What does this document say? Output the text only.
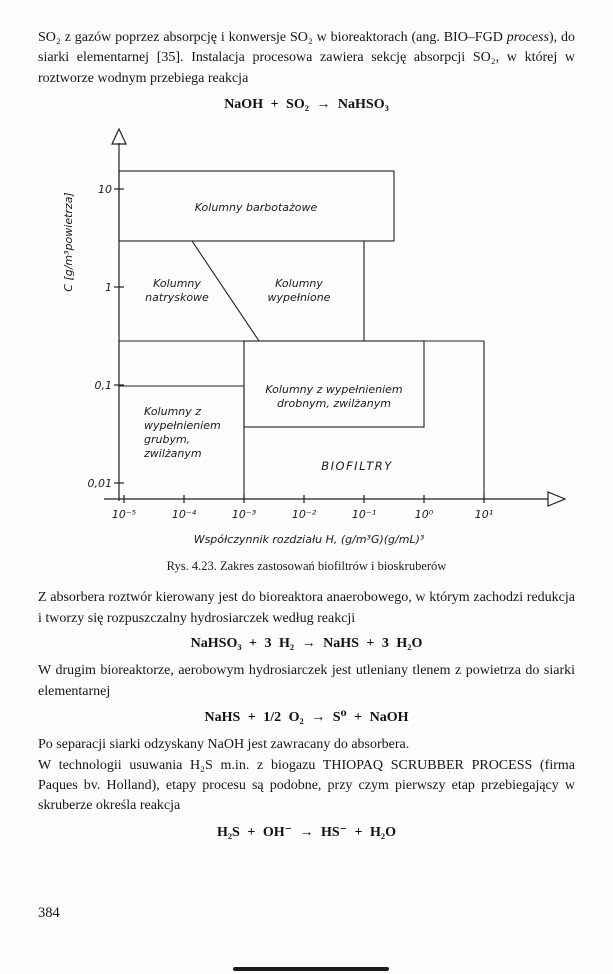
SO₂ z gazów poprzez absorpcję i konwersje SO₂ w bioreaktorach (ang. BIO–FGD process), do siarki elementarnej [35]. Instalacja procesowa zawiera sekcję absorpcji SO₂, w której w roztworze wodnym przebiega reakcja

NaOH + SO₂ → NaHSO₃

Kolumny barbotażowe
Kolumny
natryskowe
Kolumny
wypełnione
Kolumny z wypełnieniem
drobnym, zwilżanym
Kolumny z
wypełnieniem
grubym,
zwilżanym
BIOFILTRY
10
1
0,1
0,01
10⁻⁵	10⁻⁴	10⁻³	10⁻²	10⁻¹	10⁰	10¹
Współczynnik rozdziału H, (g/m³G)(g/mL)³
C [g/m³powietrza]
Rys. 4.23. Zakres zastosowań biofiltrów i bioskruberów

Z absorbera roztwór kierowany jest do bioreaktora anaerobowego, w którym zachodzi redukcja i tworzy się rozpuszczalny hydrosiarczek według reakcji

NaHSO₃ + 3 H₂ → NaHS + 3 H₂O

W drugim bioreaktorze, aerobowym hydrosiarczek jest utleniany tlenem z powietrza do siarki elementarnej

NaHS + 1/2 O₂ → S⁰ + NaOH

Po separacji siarki odzyskany NaOH jest zawracany do absorbera.

W technologii usuwania H₂S m.in. z biogazu THIOPAQ SCRUBBER PROCESS (firma Paques bv. Holland), etapy procesu są podobne, przy czym pierwszy etap przebiegający w skruberze określa reakcja

H₂S + OH⁻ → HS⁻ + H₂O

384
